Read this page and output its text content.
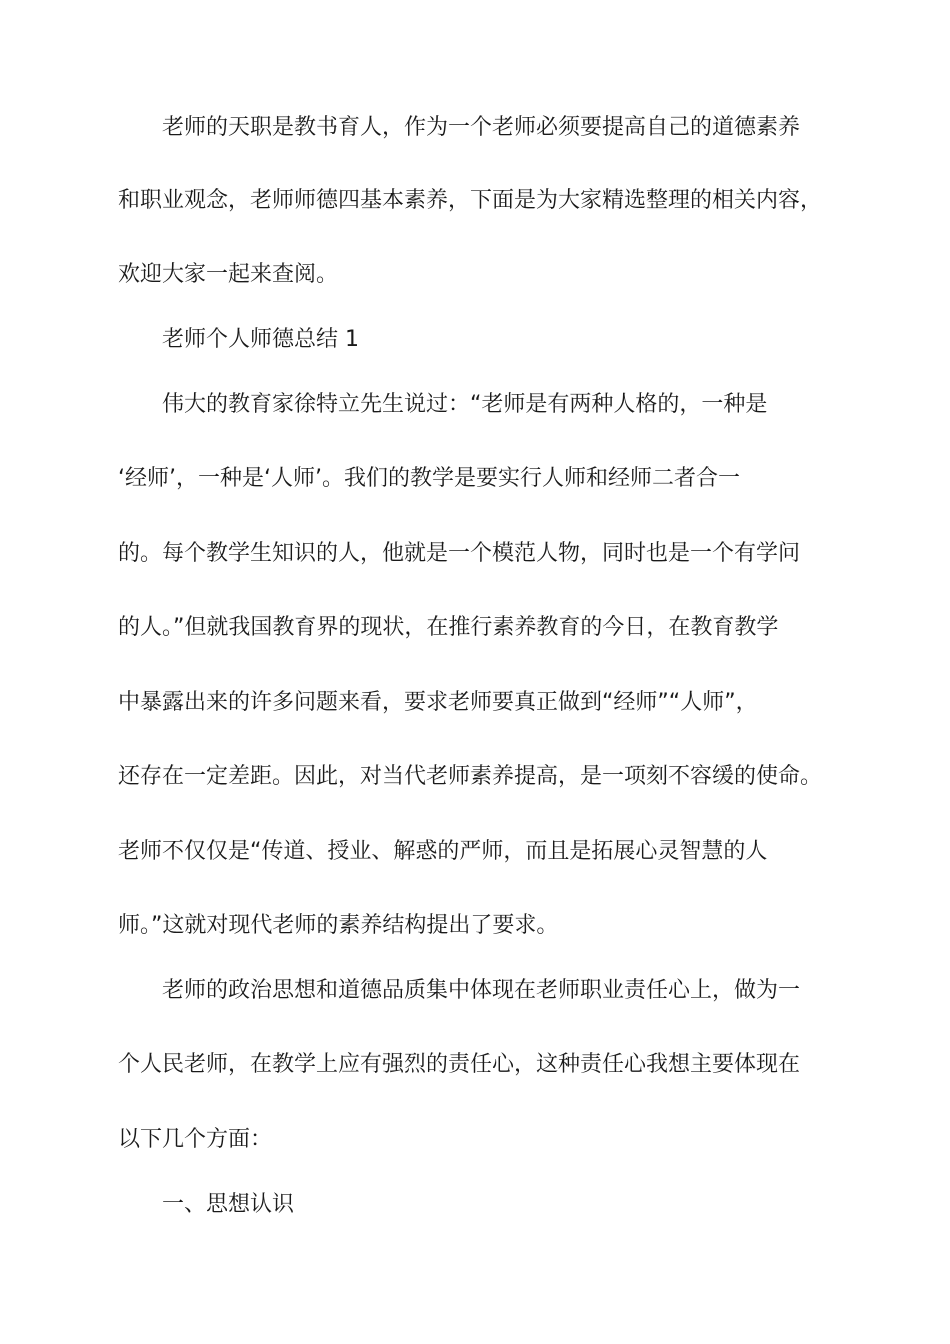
老师的天职是教书育人，作为一个老师必须要提高自己的道德素养
和职业观念，老师师德四基本素养，下面是为大家精选整理的相关内容，
欢迎大家一起来查阅。
老师个人师德总结 1
伟大的教育家徐特立先生说过：“老师是有两种人格的，一种是
‘经师’，一种是‘人师’。我们的教学是要实行人师和经师二者合一
的。每个教学生知识的人，他就是一个模范人物，同时也是一个有学问
的人。”但就我国教育界的现状，在推行素养教育的今日，在教育教学
中暴露出来的许多问题来看，要求老师要真正做到“经师”“人师”，
还存在一定差距。因此，对当代老师素养提高，是一项刻不容缓的使命。
老师不仅仅是“传道、授业、解惑的严师，而且是拓展心灵智慧的人
师。”这就对现代老师的素养结构提出了要求。
老师的政治思想和道德品质集中体现在老师职业责任心上，做为一
个人民老师，在教学上应有强烈的责任心，这种责任心我想主要体现在
以下几个方面：
一、思想认识
